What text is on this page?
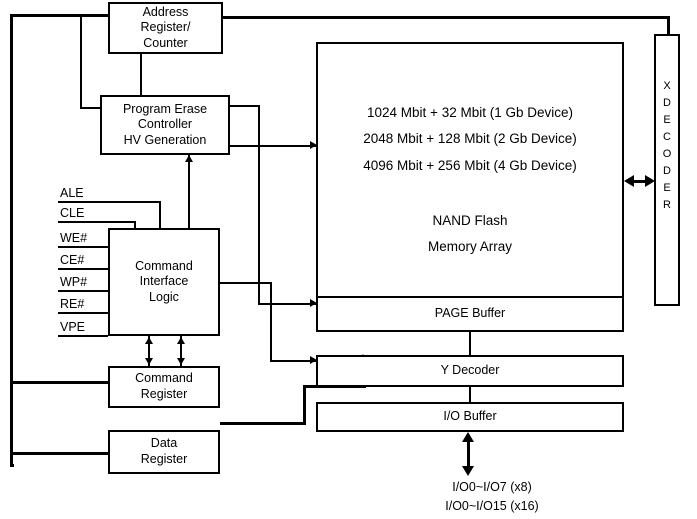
Address
Register/
Counter
Program Erase
Controller
HV Generation
ALE
CLE
WE#
CE#
WP#
RE#
VPE
Command
Interface
Logic
Command
Register
Data
Register
1024 Mbit + 32 Mbit (1 Gb Device)
2048 Mbit + 128 Mbit (2 Gb Device)
4096 Mbit + 256 Mbit (4 Gb Device)
NAND Flash
Memory Array
PAGE Buffer
Y Decoder
I/O Buffer
I/O0~I/O7 (x8)
I/O0~I/O15 (x16)
X
D
E
C
O
D
E
R
